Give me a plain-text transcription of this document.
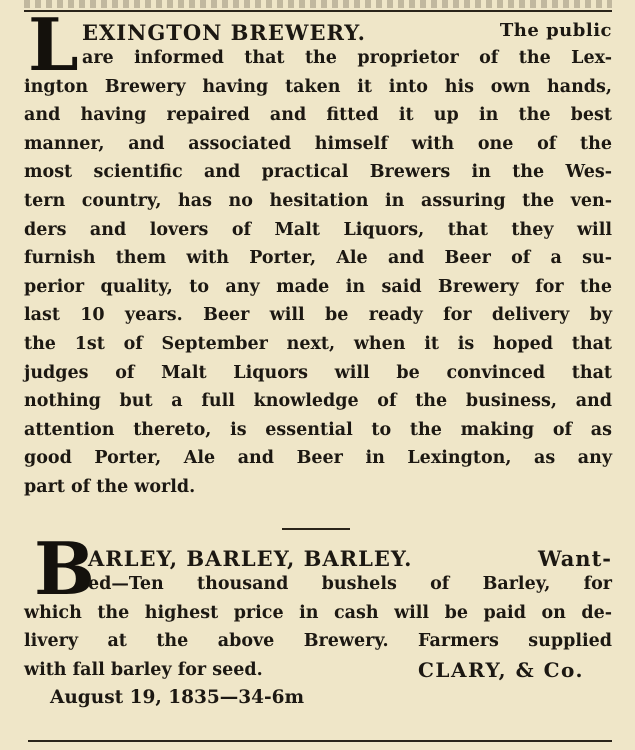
L EXINGTON BREWERY.	The public
are informed that the proprietor of the Lex-
ington Brewery having taken it into his own hands,
and having repaired and fitted it up in the best
manner, and associated himself with one of the
most scientific and practical Brewers in the Wes-
tern country, has no hesitation in assuring the ven-
ders and lovers of Malt Liquors, that they will
furnish them with Porter, Ale and Beer of a su-
perior quality, to any made in said Brewery for the
last 10 years. Beer will be ready for delivery by
the 1st of September next, when it is hoped that
judges of Malt Liquors will be convinced that
nothing but a full knowledge of the business, and
attention thereto, is essential to the making of as
good Porter, Ale and Beer in Lexington, as any
part of the world.
B
ARLEY, BARLEY, BARLEY.	Want-
ed—Ten thousand bushels of Barley, for
which the highest price in cash will be paid on de-
livery at the above Brewery. Farmers supplied
with fall barley for seed.	CLARY, & Co.
August 19, 1835—34-6m
